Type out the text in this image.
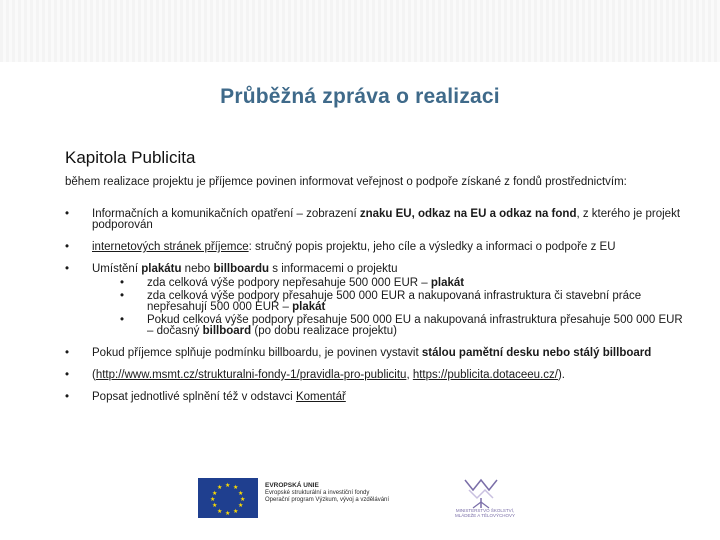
Průběžná zpráva o realizaci
Kapitola Publicita
během realizace projektu je příjemce povinen informovat veřejnost o podpoře získané z fondů prostřednictvím:
• Informačních a komunikačních opatření – zobrazení znaku EU, odkaz na EU a odkaz na fond, z kterého je projekt podporován
• internetových stránek příjemce: stručný popis projektu, jeho cíle a výsledky a informaci o podpoře z EU
• Umístění plakátu nebo billboardu s informacemi o projektu
• zda celková výše podpory nepřesahuje 500 000 EUR – plakát
• zda celková výše podpory přesahuje 500 000 EUR a nakupovaná infrastruktura či stavební práce nepřesahují 500 000 EUR – plakát
• Pokud celková výše podpory přesahuje 500 000 EU a nakupovaná infrastruktura přesahuje 500 000 EUR – dočasný billboard (po dobu realizace projektu)
• Pokud příjemce splňuje podmínku billboardu, je povinen vystavit stálou pamětní desku nebo stálý billboard
• (http://www.msmt.cz/strukturalni-fondy-1/pravidla-pro-publicitu, https://publicita.dotaceeu.cz/).
• Popsat jednotlivé splnění též v odstavci Komentář
★ ★
★
★
★
★
★
★
★
★
★
★	EVROPSKÁ UNIE
Evropské strukturální a investiční fondy
Operační program Výzkum, vývoj a vzdělávání
MINISTERSTVO ŠKOLSTVÍ,
MLÁDEŽE A TĚLOVÝCHOVY
